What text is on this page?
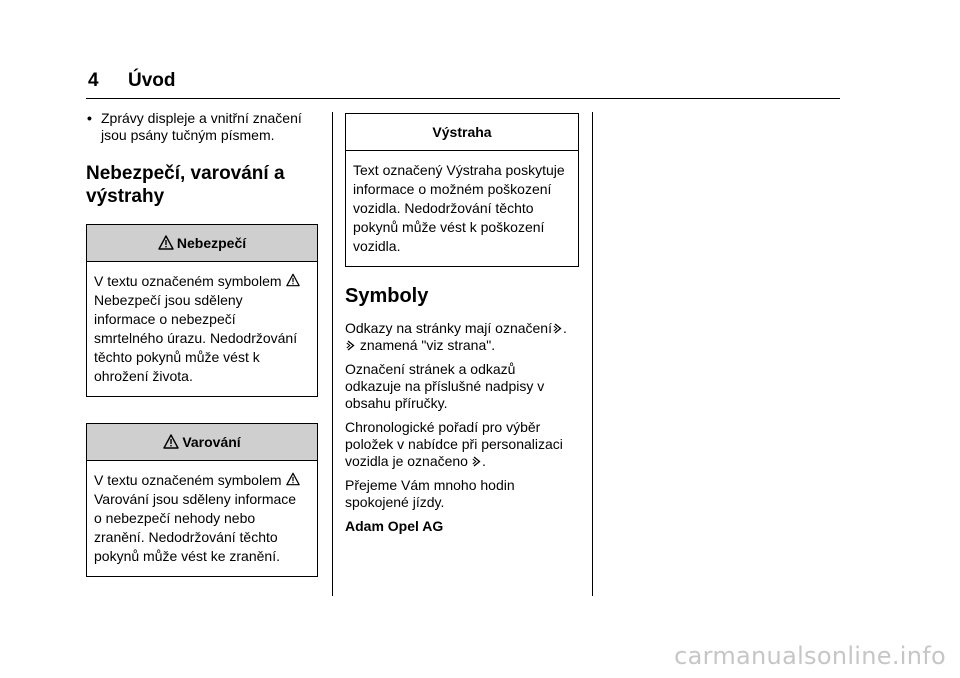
4 Úvod
• Zprávy displeje a vnitřní značení
jsou psány tučným písmem.
Nebezpečí, varování a
výstrahy
Nebezpečí

V textu označeném symbolem

Nebezpečí jsou sděleny

informace o nebezpečí

smrtelného úrazu. Nedodržování

těchto pokynů může vést k

ohrožení života.

Varování

V textu označeném symbolem

Varování jsou sděleny informace

o nebezpečí nehody nebo

zranění. Nedodržování těchto

pokynů může vést ke zranění.

Výstraha

Text označený Výstraha poskytuje

informace o možném poškození

vozidla. Nedodržování těchto

pokynů může vést k poškození

vozidla.

Symboly

Odkazy na stránky mají označení .
znamená "viz strana".

Označení stránek a odkazů
odkazuje na příslušné nadpisy v
obsahu příručky.

Chronologické pořadí pro výběr
položek v nabídce při personalizaci
vozidla je označeno .

Přejeme Vám mnoho hodin
spokojené jízdy.

Adam Opel AG

carmanualsonline.info
